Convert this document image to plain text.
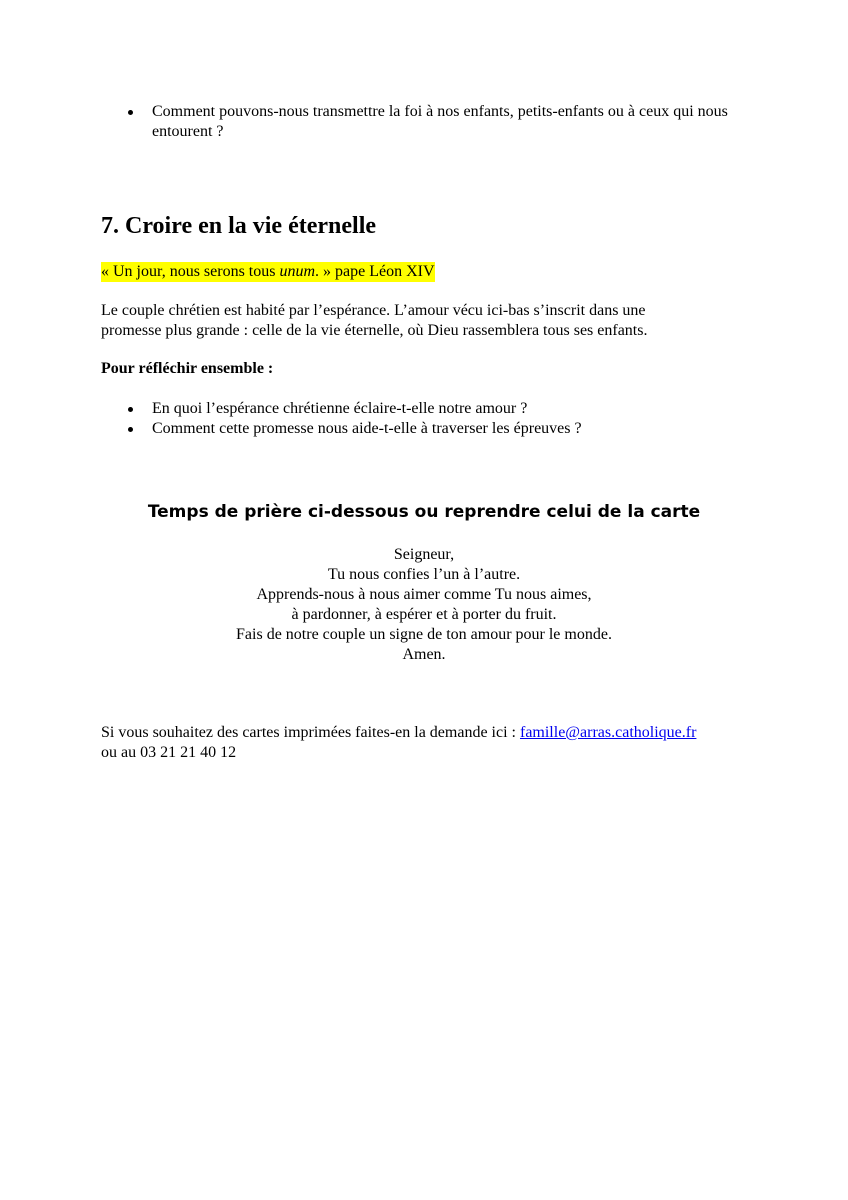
Comment pouvons-nous transmettre la foi à nos enfants, petits-enfants ou à ceux qui nous entourent ?
7. Croire en la vie éternelle
« Un jour, nous serons tous unum. » pape Léon XIV
Le couple chrétien est habité par l’espérance. L’amour vécu ici-bas s’inscrit dans une promesse plus grande : celle de la vie éternelle, où Dieu rassemblera tous ses enfants.
Pour réfléchir ensemble :
En quoi l’espérance chrétienne éclaire-t-elle notre amour ?
Comment cette promesse nous aide-t-elle à traverser les épreuves ?
Temps de prière ci-dessous ou reprendre celui de la carte
Seigneur,
Tu nous confies l’un à l’autre.
Apprends-nous à nous aimer comme Tu nous aimes,
à pardonner, à espérer et à porter du fruit.
Fais de notre couple un signe de ton amour pour le monde.
Amen.
Si vous souhaitez des cartes imprimées faites-en la demande ici : famille@arras.catholique.fr
ou au 03 21 21 40 12
